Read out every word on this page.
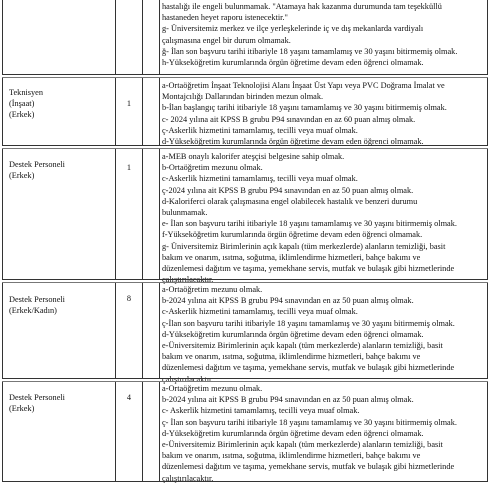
hastalığı ile engeli bulunmamak. "Atamaya hak kazanma durumunda tam teşekküllü
hastaneden heyet raporu istenecektir."
g- Üniversitemiz merkez ve ilçe yerleşkelerinde iç ve dış mekanlarda vardiyalı
çalışmasına engel bir durum olmamak.
ğ- İlan son başvuru tarihi itibariyle 18 yaşını tamamlamış ve 30 yaşını bitirmemiş olmak.
h-Yükseköğretim kurumlarında örgün öğretime devam eden öğrenci olmamak.
Teknisyen
(İnşaat)
(Erkek)
1
a-Ortaöğretim İnşaat Teknolojisi Alanı İnşaat Üst Yapı veya PVC Doğrama İmalat ve
Montajcılığı Dallarından birinden mezun olmak.
b-İlan başlangıç tarihi itibariyle 18 yaşını tamamlamış ve 30 yaşını bitirmemiş olmak.
c- 2024 yılına ait KPSS B grubu P94 sınavından en az 60 puan almış olmak.
ç-Askerlik hizmetini tamamlamış, tecilli veya muaf olmak.
d-Yükseköğretim kurumlarında örgün öğretime devam eden öğrenci olmamak.
Destek Personeli
(Erkek)
1
a-MEB onaylı kalorifer ateşçisi belgesine sahip olmak.
b-Ortaöğretim mezunu olmak.
c-Askerlik hizmetini tamamlamış, tecilli veya muaf olmak.
ç-2024 yılına ait KPSS B grubu P94 sınavından en az 50 puan almış olmak.
d-Kaloriferci olarak çalışmasına engel olabilecek hastalık ve benzeri durumu
bulunmamak.
e- İlan son başvuru tarihi itibariyle 18 yaşını tamamlamış ve 30 yaşını bitirmemiş olmak.
f-Yükseköğretim kurumlarında örgün öğretime devam eden öğrenci olmamak.
g- Üniversitemiz Birimlerinin açık kapalı (tüm merkezlerde) alanların temizliği, basit
bakım ve onarım, ısıtma, soğutma, iklimlendirme hizmetleri, bahçe bakımı ve
düzenlemesi dağıtım ve taşıma, yemekhane servis, mutfak ve bulaşık gibi hizmetlerinde
çalıştırılacaktır.
Destek Personeli
(Erkek/Kadın)
8
a-Ortaöğretim mezunu olmak.
b-2024 yılına ait KPSS B grubu P94 sınavından en az 50 puan almış olmak.
c-Askerlik hizmetini tamamlamış, tecilli veya muaf olmak.
ç-İlan son başvuru tarihi itibariyle 18 yaşını tamamlamış ve 30 yaşını bitirmemiş olmak.
d-Yükseköğretim kurumlarında örgün öğretime devam eden öğrenci olmamak.
e-Üniversitemiz Birimlerinin açık kapalı (tüm merkezlerde) alanların temizliği, basit
bakım ve onarım, ısıtma, soğutma, iklimlendirme hizmetleri, bahçe bakımı ve
düzenlemesi dağıtım ve taşıma, yemekhane servis, mutfak ve bulaşık gibi hizmetlerinde
çalıştırılacaktır.
Destek Personeli
(Erkek)
4
a-Ortaöğretim mezunu olmak.
b-2024 yılına ait KPSS B grubu P94 sınavından en az 50 puan almış olmak.
c- Askerlik hizmetini tamamlamış, tecilli veya muaf olmak.
ç- İlan son başvuru tarihi itibariyle 18 yaşını tamamlamış ve 30 yaşını bitirmemiş olmak.
d-Yükseköğretim kurumlarında örgün öğretime devam eden öğrenci olmamak.
e-Üniversitemiz Birimlerinin açık kapalı (tüm merkezlerde) alanların temizliği, basit
bakım ve onarım, ısıtma, soğutma, iklimlendirme hizmetleri, bahçe bakımı ve
düzenlemesi dağıtım ve taşıma, yemekhane servis, mutfak ve bulaşık gibi hizmetlerinde
çalıştırılacaktır.
